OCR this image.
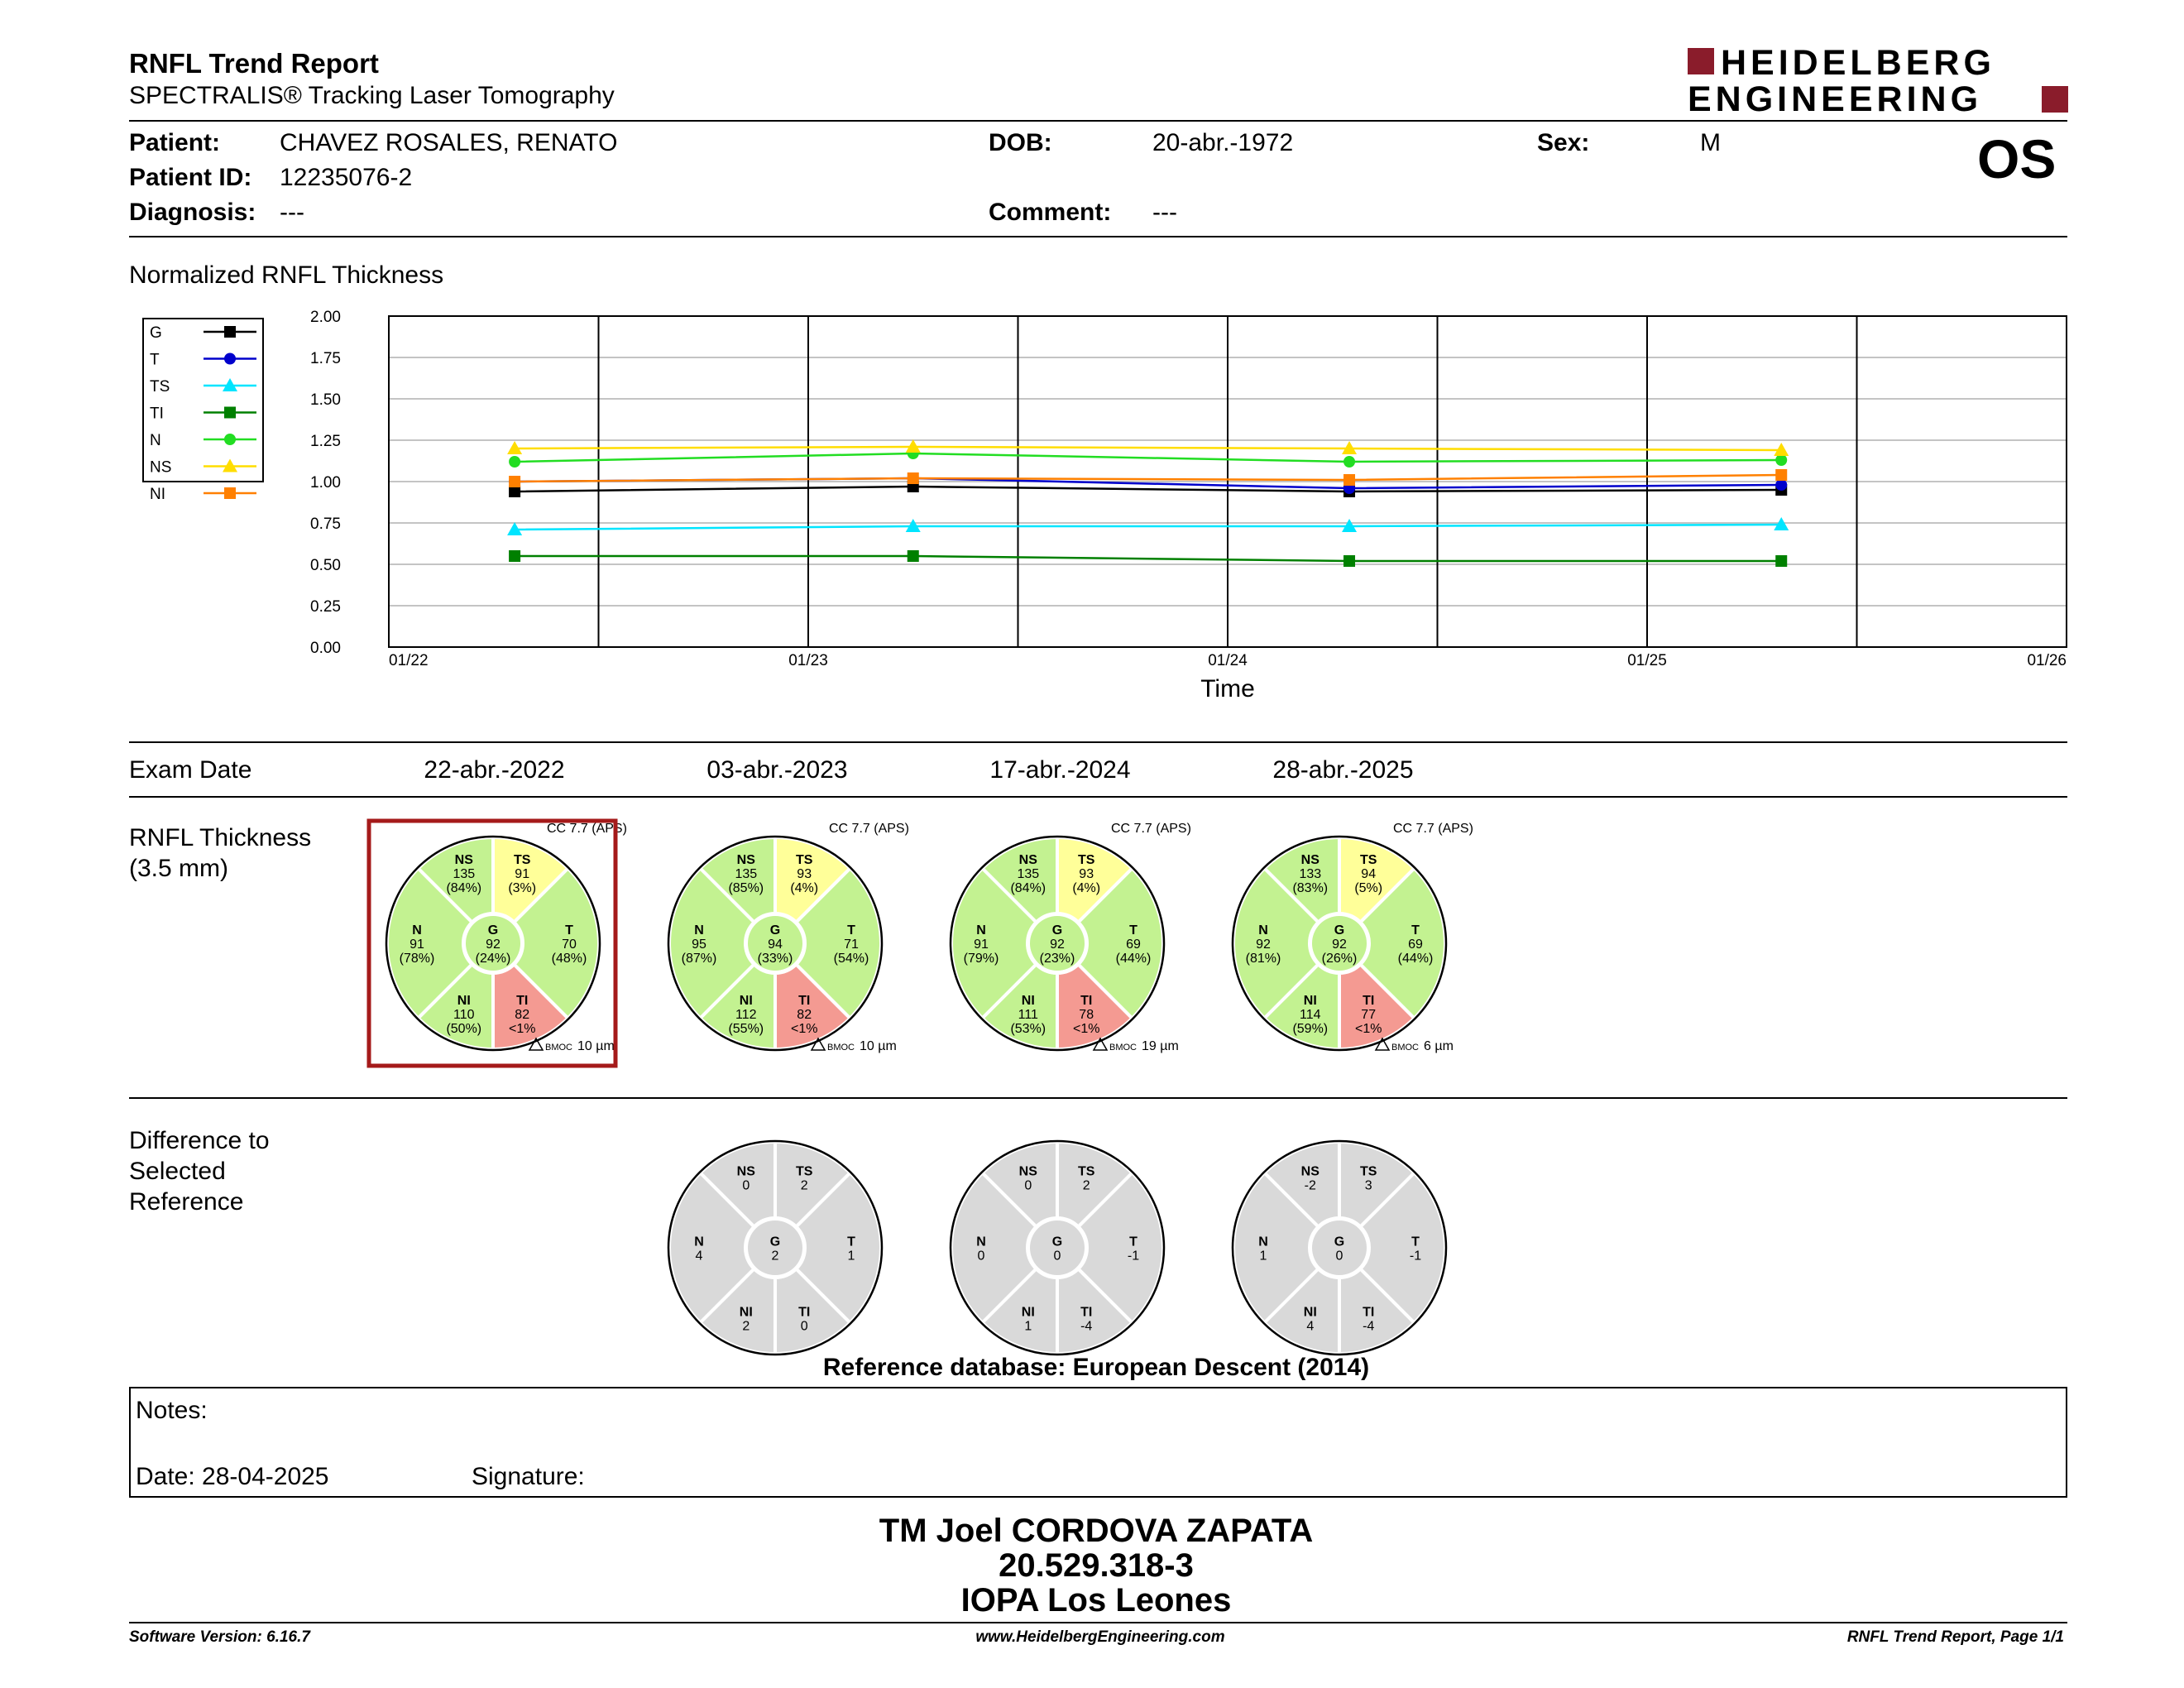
RNFL Trend Report
SPECTRALIS® Tracking Laser Tomography
HEIDELBERG
ENGINEERING
Patient: CHAVEZ ROSALES, RENATO
Patient ID: 12235076-2
Diagnosis: ---
DOB:	20-abr.-1972
Comment: ---
Sex:	M	OS
Normalized RNFL Thickness
0.00
0.25
0.50
0.75
1.00
1.25
1.50
1.75
2.00
01/22	01/23	01/24	01/25	01/26
Time
G
T
TS
TI
N
NS
NI
Exam Date	22-abr.-2022	03-abr.-2023	17-abr.-2024	28-abr.-2025
RNFL Thickness
(3.5 mm)	TS
91
(3%)
NS
135
(84%)
N
91
(78%)
NI
110
(50%)
TI
82
<1%
T
70
(48%)
G
92
(24%)
CC 7.7 (APS)
BMOC 10 µm
TS
93
(4%)
NS
135
(85%)
N
95
(87%)
NI
112
(55%)
TI
82
<1%
T
71
(54%)
G
94
(33%)
CC 7.7 (APS)
BMOC 10 µm
TS
93
(4%)
NS
135
(84%)
N
91
(79%)
NI
111
(53%)
TI
78
<1%
T
69
(44%)
G
92
(23%)
CC 7.7 (APS)
BMOC 19 µm
TS
94
(5%)
NS
133
(83%)
N
92
(81%)
NI
114
(59%)
TI
77
<1%
T
69
(44%)
G
92
(26%)
CC 7.7 (APS)
BMOC 6 µm
Difference to
Selected
Reference
TS
2
NS
0
N
4
NI
2
TI
0
T
1
G
2
TS
2
NS
0
N
0
NI
1
TI
-4
T
-1
G
0
TS
3
NS
-2
N
1
NI
4
TI
-4
T
-1
G
0
Reference database: European Descent (2014)
Notes:
Date: 28-04-2025	Signature:
TM Joel CORDOVA ZAPATA
20.529.318-3
IOPA Los Leones
Software Version: 6.16.7	www.HeidelbergEngineering.com	RNFL Trend Report, Page 1/1
